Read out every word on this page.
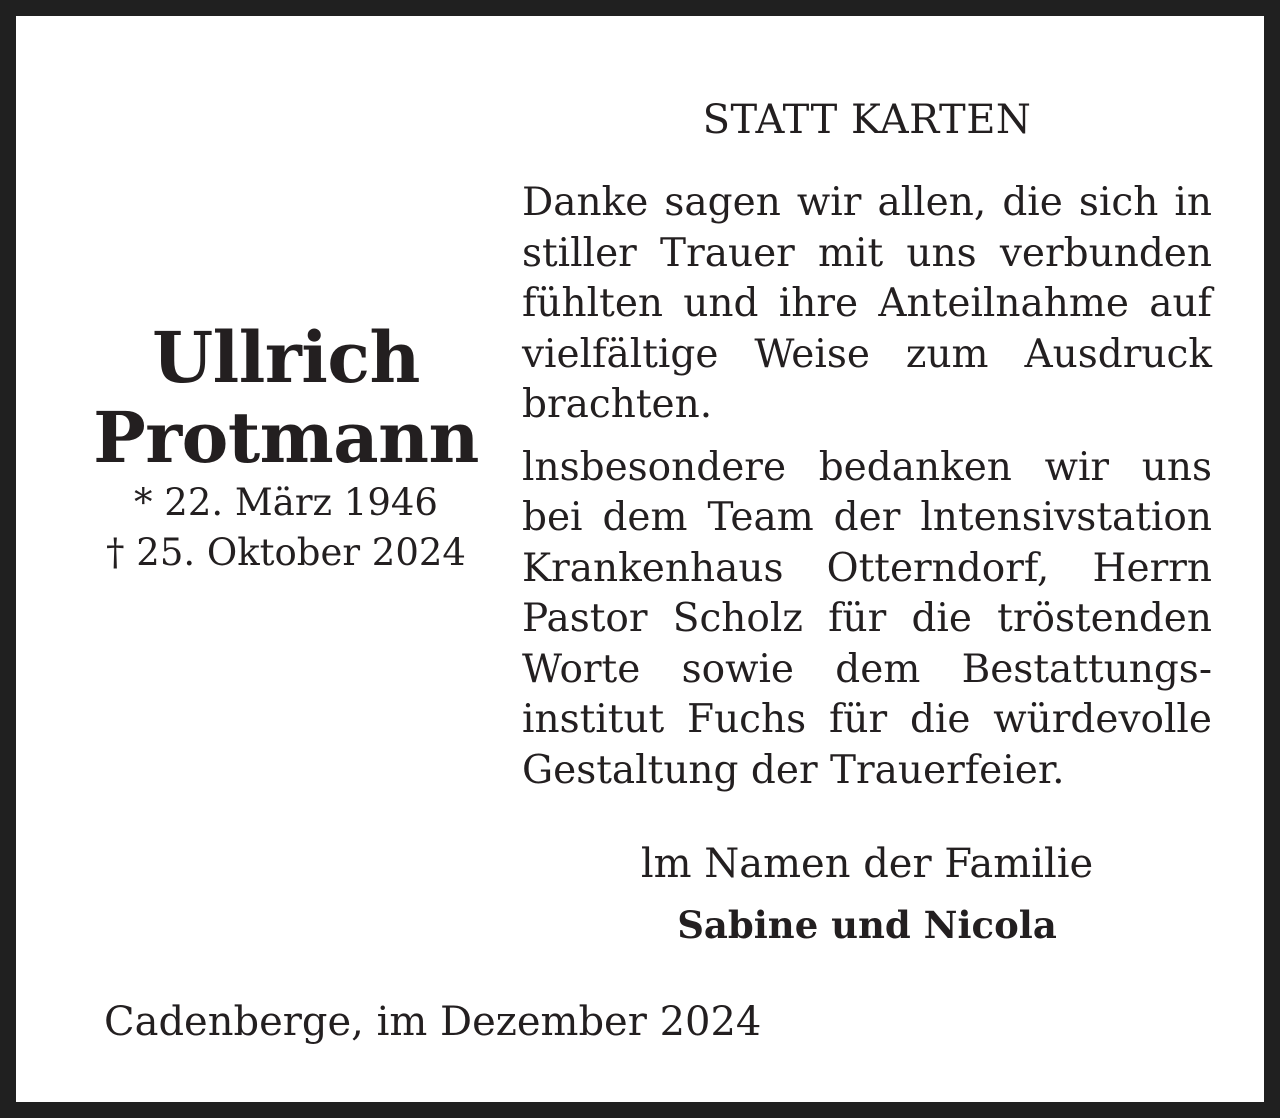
STATT KARTEN
Ullrich
Protmann
* 22. März 1946
† 25. Oktober 2024

Danke sagen wir allen, die sich in stiller Trauer mit uns verbunden fühlten und ihre Anteilnahme auf vielfältige Weise zum Ausdruck brachten.

lnsbesondere bedanken wir uns bei dem Team der lntensivstation Krankenhaus Otterndorf, Herrn Pastor Scholz für die tröstenden Worte sowie dem Bestattungsinstitut Fuchs für die würdevolle Gestaltung der Trauerfeier.

lm Namen der Familie
Sabine und Nicola
Cadenberge, im Dezember 2024
